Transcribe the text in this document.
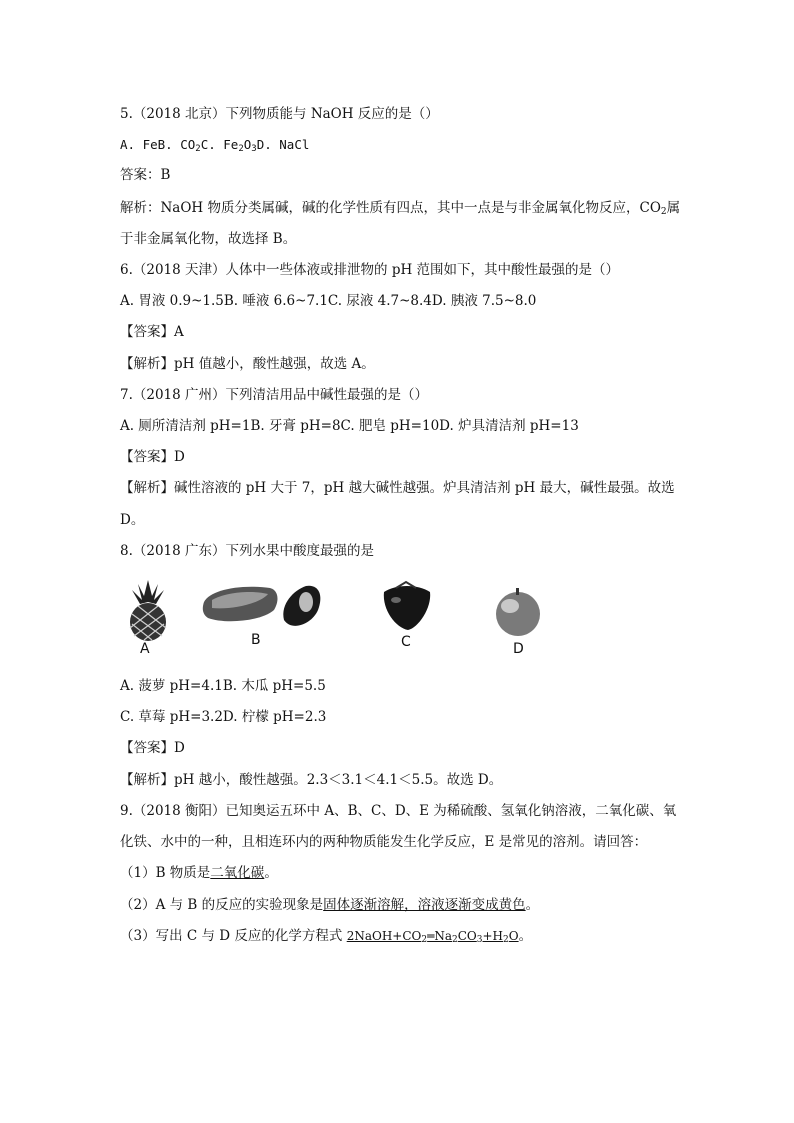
5.（2018 北京）下列物质能与 NaOH 反应的是（）
A. FeB. $CO_2C$. $Fe_2O_3D$. NaCl
答案：B
解析：NaOH 物质分类属碱，碱的化学性质有四点，其中一点是与非金属氧化物反应，$CO_2$属
于非金属氧化物，故选择 B。
6.（2018 天津）人体中一些体液或排泄物的 pH 范围如下，其中酸性最强的是（）
A. 胃液 0.9~1.5B. 唾液 6.6~7.1C. 尿液 4.7~8.4D. 胰液 7.5~8.0
【答案】A
【解析】pH 值越小，酸性越强，故选 A。
7.（2018 广州）下列清洁用品中碱性最强的是（）
A. 厕所清洁剂 pH=1B. 牙膏 pH=8C. 肥皂 pH=10D. 炉具清洁剂 pH=13
【答案】D
【解析】碱性溶液的 pH 大于 7，pH 越大碱性越强。炉具清洁剂 pH 最大，碱性最强。故选
D。
8.（2018 广东）下列水果中酸度最强的是
A
B	C	D
A. 菠萝 pH=4.1B. 木瓜 pH=5.5
C. 草莓 pH=3.2D. 柠檬 pH=2.3
【答案】D
【解析】pH 越小，酸性越强。2.3＜3.1＜4.1＜5.5。故选 D。
9.（2018 衡阳）已知奥运五环中 A、B、C、D、E 为稀硫酸、氢氧化钠溶液，二氧化碳、氧
化铁、水中的一种，且相连环内的两种物质能发生化学反应，E 是常见的溶剂。请回答：
（1）B 物质是二氧化碳。
（2）A 与 B 的反应的实验现象是固体逐渐溶解，溶液逐渐变成黄色。
（3）写出 C 与 D 反应的化学方程式 $2NaOH+CO_2═Na_2CO_3+H_2O$。
